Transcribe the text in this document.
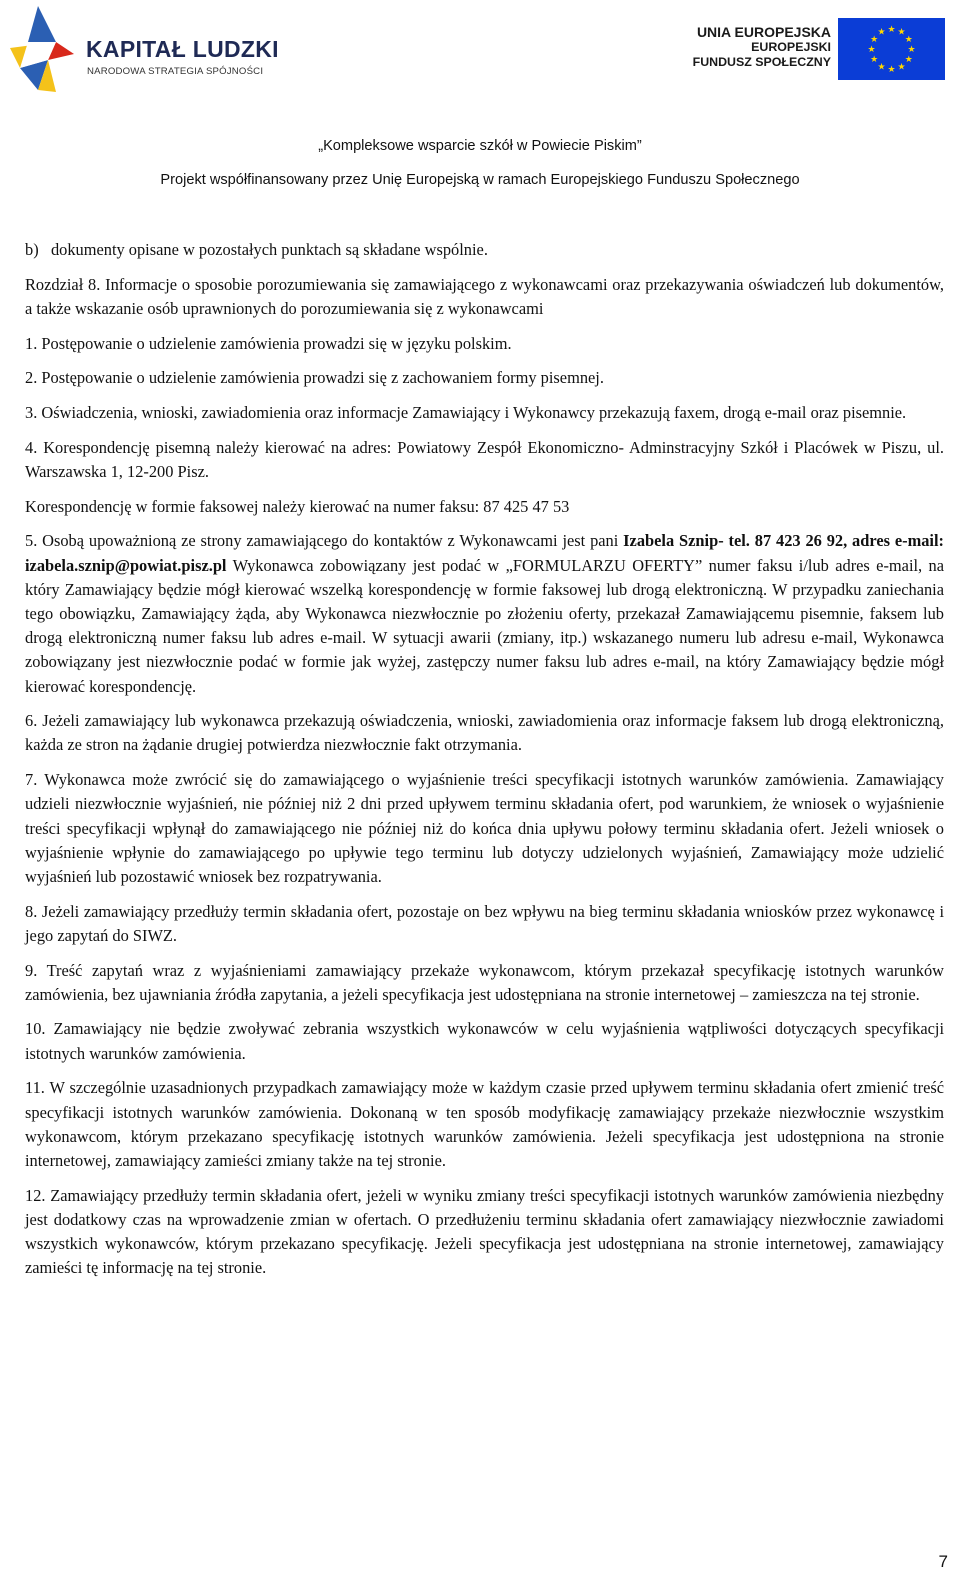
KAPITAŁ LUDZKI
NARODOWA STRATEGIA SPÓJNOŚCI
UNIA EUROPEJSKA
EUROPEJSKI
FUNDUSZ SPOŁECZNY
★ ★
★
★
★
★
★
★
★
★
★
★
„Kompleksowe wsparcie szkół w Powiecie Piskim”
Projekt współfinansowany przez Unię Europejską w ramach Europejskiego Funduszu Społecznego

b)   dokumenty opisane w pozostałych punktach są składane wspólnie.

Rozdział 8. Informacje o sposobie porozumiewania się zamawiającego z wykonawcami oraz przekazywania oświadczeń lub dokumentów, a także wskazanie osób uprawnionych do porozumiewania się z wykonawcami

1. Postępowanie o udzielenie zamówienia prowadzi się w języku polskim.

2. Postępowanie o udzielenie zamówienia prowadzi się z zachowaniem formy pisemnej.

3. Oświadczenia, wnioski, zawiadomienia oraz informacje Zamawiający i Wykonawcy przekazują faxem, drogą e-mail oraz pisemnie.

4. Korespondencję pisemną należy kierować na adres: Powiatowy Zespół Ekonomiczno- Adminstracyjny Szkół i Placówek w Piszu, ul. Warszawska 1, 12-200 Pisz.

Korespondencję w formie faksowej należy kierować na numer faksu: 87 425 47 53

5. Osobą upoważnioną ze strony zamawiającego do kontaktów z Wykonawcami jest pani Izabela Sznip- tel. 87 423 26 92, adres e-mail: izabela.sznip@powiat.pisz.pl Wykonawca zobowiązany jest podać w „FORMULARZU OFERTY” numer faksu i/lub adres e-mail, na który Zamawiający będzie mógł kierować wszelką korespondencję w formie faksowej lub drogą elektroniczną. W przypadku zaniechania tego obowiązku, Zamawiający żąda, aby Wykonawca niezwłocznie po złożeniu oferty, przekazał Zamawiającemu pisemnie, faksem lub drogą elektroniczną numer faksu lub adres e-mail. W sytuacji awarii (zmiany, itp.) wskazanego numeru lub adresu e-mail, Wykonawca zobowiązany jest niezwłocznie podać w formie jak wyżej, zastępczy numer faksu lub adres e-mail, na który Zamawiający będzie mógł kierować korespondencję.

6. Jeżeli zamawiający lub wykonawca przekazują oświadczenia, wnioski, zawiadomienia oraz informacje faksem lub drogą elektroniczną, każda ze stron na żądanie drugiej potwierdza niezwłocznie fakt otrzymania.

7. Wykonawca może zwrócić się do zamawiającego o wyjaśnienie treści specyfikacji istotnych warunków zamówienia. Zamawiający udzieli niezwłocznie wyjaśnień, nie później niż 2 dni przed upływem terminu składania ofert, pod warunkiem, że wniosek o wyjaśnienie treści specyfikacji wpłynął do zamawiającego nie później niż do końca dnia upływu połowy terminu składania ofert. Jeżeli wniosek o wyjaśnienie wpłynie do zamawiającego po upływie tego terminu lub dotyczy udzielonych wyjaśnień, Zamawiający może udzielić wyjaśnień lub pozostawić wniosek bez rozpatrywania.

8. Jeżeli zamawiający przedłuży termin składania ofert, pozostaje on bez wpływu na bieg terminu składania wniosków przez wykonawcę i jego zapytań do SIWZ.

9. Treść zapytań wraz z wyjaśnieniami zamawiający przekaże wykonawcom, którym przekazał specyfikację istotnych warunków zamówienia, bez ujawniania źródła zapytania, a jeżeli specyfikacja jest udostępniana na stronie internetowej – zamieszcza na tej stronie.

10. Zamawiający nie będzie zwoływać zebrania wszystkich wykonawców w celu wyjaśnienia wątpliwości dotyczących specyfikacji istotnych warunków zamówienia.

11. W szczególnie uzasadnionych przypadkach zamawiający może w każdym czasie przed upływem terminu składania ofert zmienić treść specyfikacji istotnych warunków zamówienia. Dokonaną w ten sposób modyfikację zamawiający przekaże niezwłocznie wszystkim wykonawcom, którym przekazano specyfikację istotnych warunków zamówienia. Jeżeli specyfikacja jest udostępniona na stronie internetowej, zamawiający zamieści zmiany także na tej stronie.

12. Zamawiający przedłuży termin składania ofert, jeżeli w wyniku zmiany treści specyfikacji istotnych warunków zamówienia niezbędny jest dodatkowy czas na wprowadzenie zmian w ofertach. O przedłużeniu terminu składania ofert zamawiający niezwłocznie zawiadomi wszystkich wykonawców, którym przekazano specyfikację. Jeżeli specyfikacja jest udostępniana na stronie internetowej, zamawiający zamieści tę informację na tej stronie.

7
